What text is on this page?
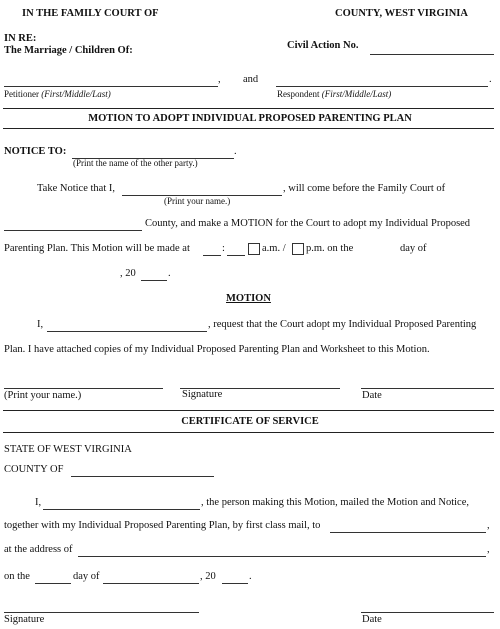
IN THE FAMILY COURT OF	COUNTY, WEST VIRGINIA
IN RE:
The Marriage / Children Of:	Civil Action No.
, and	.
Petitioner (First/Middle/Last)	Respondent (First/Middle/Last)
MOTION TO ADOPT INDIVIDUAL PROPOSED PARENTING PLAN
NOTICE TO:	.
(Print the name of the other party.)
Take Notice that I,	, will come before the Family Court of
(Print your name.)
County, and make a MOTION for the Court to adopt my Individual Proposed
Parenting Plan. This Motion will be made at	:	a.m. / p.m. on the	day of
, 20	.
MOTION
I,	, request that the Court adopt my Individual Proposed Parenting
Plan. I have attached copies of my Individual Proposed Parenting Plan and Worksheet to this Motion.
(Print your name.)	Signature	Date
CERTIFICATE OF SERVICE
STATE OF WEST VIRGINIA
COUNTY OF
I,	, the person making this Motion, mailed the Motion and Notice,
together with my Individual Proposed Parenting Plan, by first class mail, to	,
at the address of	,
on the	day of	, 20	.
Signature	Date
